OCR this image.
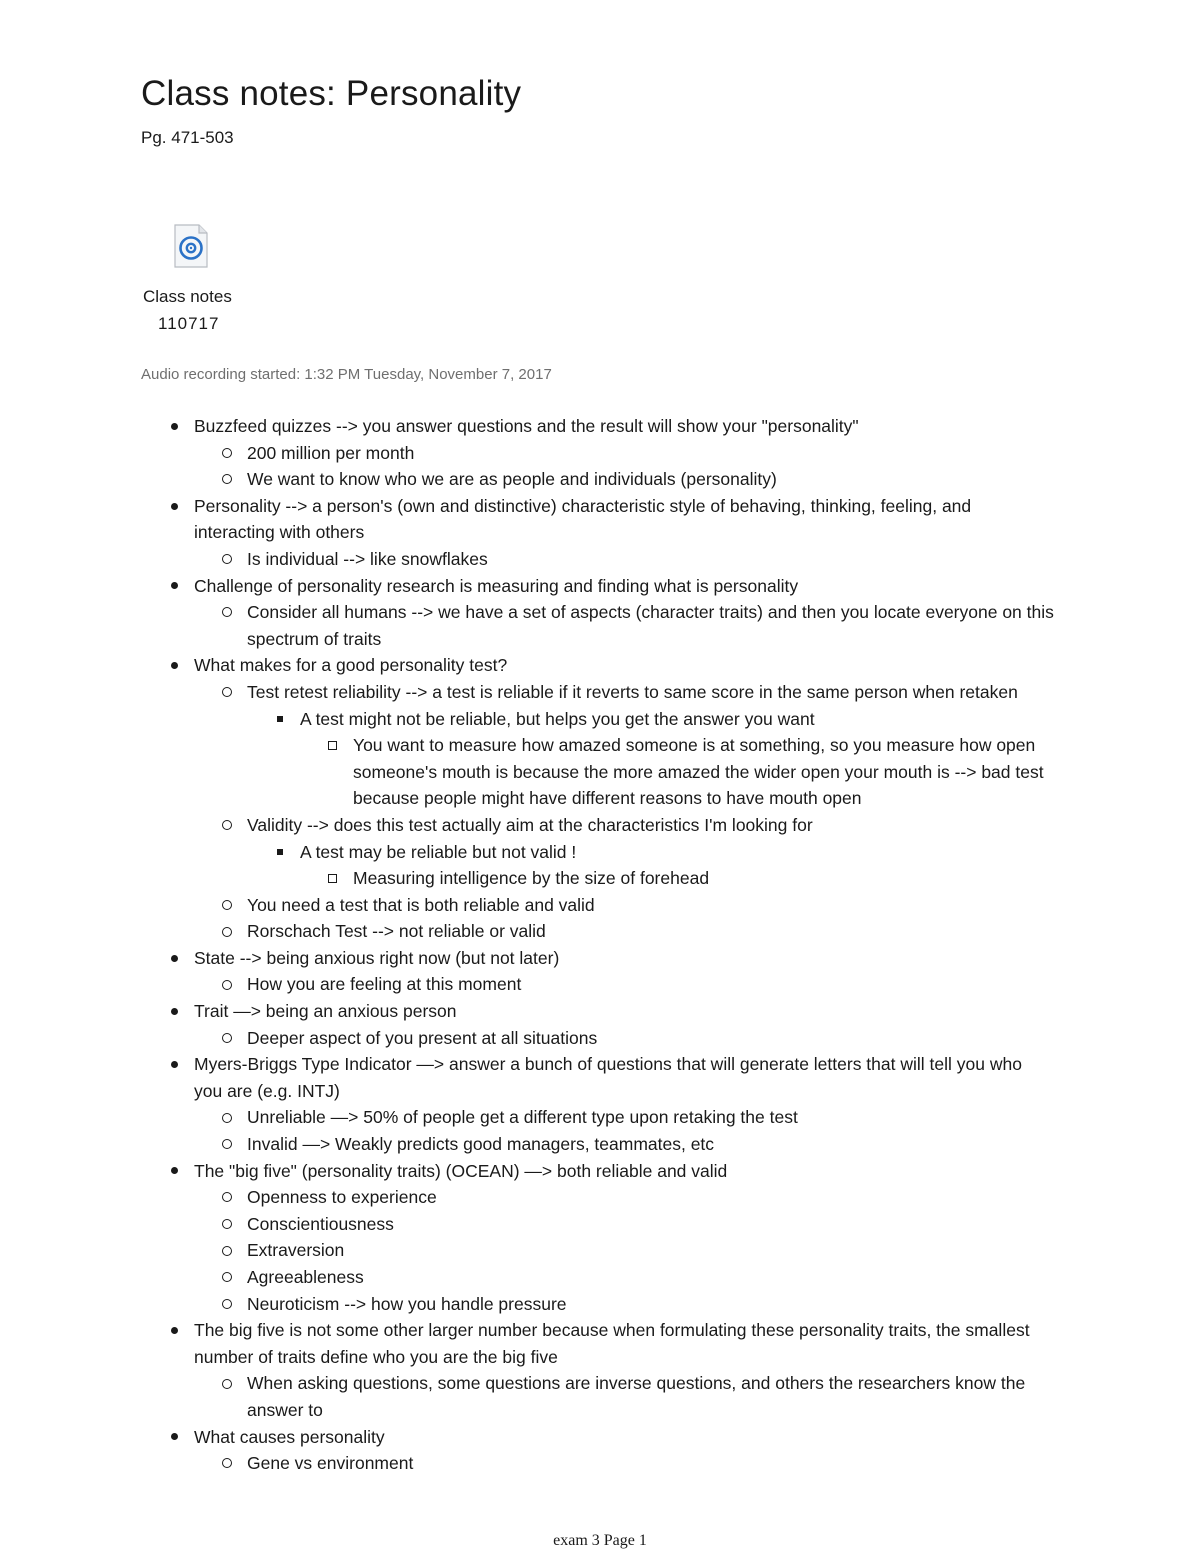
Class notes: Personality
Pg. 471-503
Class notes
110717
Audio recording started: 1:32 PM Tuesday, November 7, 2017
Buzzfeed quizzes --> you answer questions and the result will show your "personality"
200 million per month
We want to know who we are as people and individuals (personality)
Personality --> a person's (own and distinctive) characteristic style of behaving, thinking, feeling, and
interacting with others
Is individual --> like snowflakes
Challenge of personality research is measuring and finding what is personality
Consider all humans --> we have a set of aspects (character traits) and then you locate everyone on this
spectrum of traits
What makes for a good personality test?
Test retest reliability --> a test is reliable if it reverts to same score in the same person when retaken
A test might not be reliable, but helps you get the answer you want
You want to measure how amazed someone is at something, so you measure how open
someone's mouth is because the more amazed the wider open your mouth is --> bad test
because people might have different reasons to have mouth open
Validity --> does this test actually aim at the characteristics I'm looking for
A test may be reliable but not valid !
Measuring intelligence by the size of forehead
You need a test that is both reliable and valid
Rorschach Test --> not reliable or valid
State --> being anxious right now (but not later)
How you are feeling at this moment
Trait —> being an anxious person
Deeper aspect of you present at all situations
Myers-Briggs Type Indicator —> answer a bunch of questions that will generate letters that will tell you who
you are (e.g. INTJ)
Unreliable —> 50% of people get a different type upon retaking the test
Invalid —> Weakly predicts good managers, teammates, etc
The "big five" (personality traits) (OCEAN) —> both reliable and valid
Openness to experience
Conscientiousness
Extraversion
Agreeableness
Neuroticism --> how you handle pressure
The big five is not some other larger number because when formulating these personality traits, the smallest
number of traits define who you are the big five
When asking questions, some questions are inverse questions, and others the researchers know the
answer to
What causes personality
Gene vs environment
exam 3 Page 1
